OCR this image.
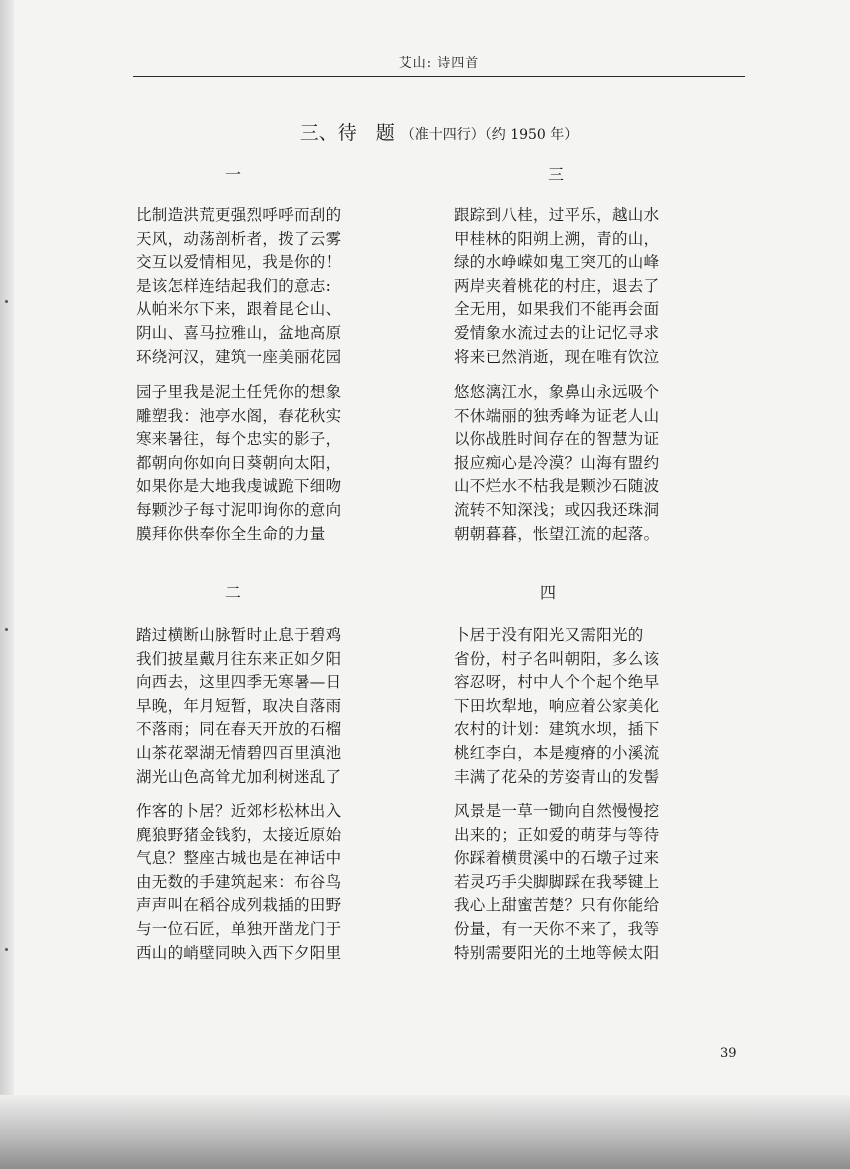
艾山: 诗四首
三、待　题 （准十四行）（约 1950 年）
一
比制造洪荒更强烈呼呼而刮的
天风，动荡剖析者，拨了云雾
交互以爱情相见，我是你的！
是该怎样连结起我们的意志:
从帕米尔下来，跟着昆仑山、
阴山、喜马拉雅山，盆地高原
环绕河汉，建筑一座美丽花园
园子里我是泥土任凭你的想象
雕塑我：池亭水阁，春花秋实
寒来暑往，每个忠实的影子，
都朝向你如向日葵朝向太阳，
如果你是大地我虔诚跪下细吻
每颗沙子每寸泥叩询你的意向
膜拜你供奉你全生命的力量
二
踏过横断山脉暂时止息于碧鸡
我们披星戴月往东来正如夕阳
向西去，这里四季无寒暑—日
早晚，年月短暂，取决自落雨
不落雨；同在春天开放的石榴
山茶花翠湖无情碧四百里滇池
湖光山色高耸尤加利树迷乱了
作客的卜居？近郊杉松林出入
麂狼野猪金钱豹，太接近原始
气息？整座古城也是在神话中
由无数的手建筑起来：布谷鸟
声声叫在稻谷成列栽插的田野
与一位石匠，单独开凿龙门于
西山的峭壁同映入西下夕阳里
三
跟踪到八桂，过平乐，越山水
甲桂林的阳朔上溯，青的山，
绿的水峥嵘如鬼工突兀的山峰
两岸夹着桃花的村庄，退去了
全无用，如果我们不能再会面
爱情象水流过去的让记忆寻求
将来已然消逝，现在唯有饮泣
悠悠漓江水，象鼻山永远吸个
不休端丽的独秀峰为证老人山
以你战胜时间存在的智慧为证
报应痴心是冷漠？山海有盟约
山不烂水不枯我是颗沙石随波
流转不知深浅；或囚我还珠洞
朝朝暮暮，怅望江流的起落。
四
卜居于没有阳光又需阳光的
省份，村子名叫朝阳，多么该
容忍呀，村中人个个起个绝早
下田坎犁地，响应着公家美化
农村的计划：建筑水坝，插下
桃红李白，本是瘦瘠的小溪流
丰满了花朵的芳姿青山的发髻
风景是一草一锄向自然慢慢挖
出来的；正如爱的萌芽与等待
你踩着横贯溪中的石墩子过来
若灵巧手尖脚脚踩在我琴键上
我心上甜蜜苦楚？只有你能给
份量，有一天你不来了，我等
特别需要阳光的土地等候太阳
39
